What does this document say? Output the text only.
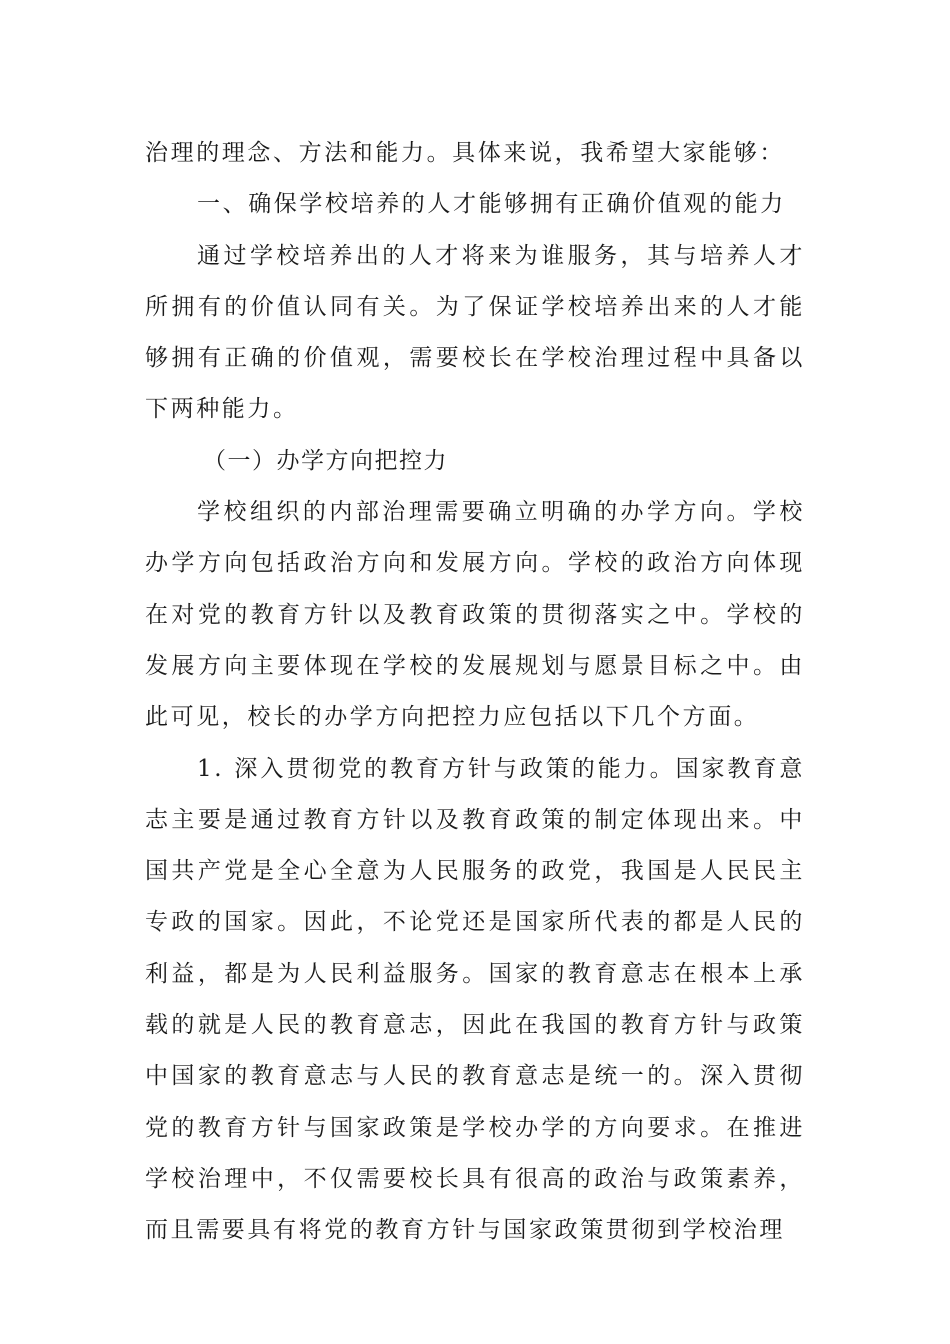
治理的理念、方法和能力。具体来说，我希望大家能够：

一、确保学校培养的人才能够拥有正确价值观的能力

通过学校培养出的人才将来为谁服务，其与培养人才所拥有的价值认同有关。为了保证学校培养出来的人才能够拥有正确的价值观，需要校长在学校治理过程中具备以下两种能力。

（一）办学方向把控力

学校组织的内部治理需要确立明确的办学方向。学校办学方向包括政治方向和发展方向。学校的政治方向体现在对党的教育方针以及教育政策的贯彻落实之中。学校的发展方向主要体现在学校的发展规划与愿景目标之中。由此可见，校长的办学方向把控力应包括以下几个方面。

1. 深入贯彻党的教育方针与政策的能力。国家教育意志主要是通过教育方针以及教育政策的制定体现出来。中国共产党是全心全意为人民服务的政党，我国是人民民主专政的国家。因此，不论党还是国家所代表的都是人民的利益，都是为人民利益服务。国家的教育意志在根本上承载的就是人民的教育意志，因此在我国的教育方针与政策中国家的教育意志与人民的教育意志是统一的。深入贯彻党的教育方针与国家政策是学校办学的方向要求。在推进学校治理中，不仅需要校长具有很高的政治与政策素养，而且需要具有将党的教育方针与国家政策贯彻到学校治理
